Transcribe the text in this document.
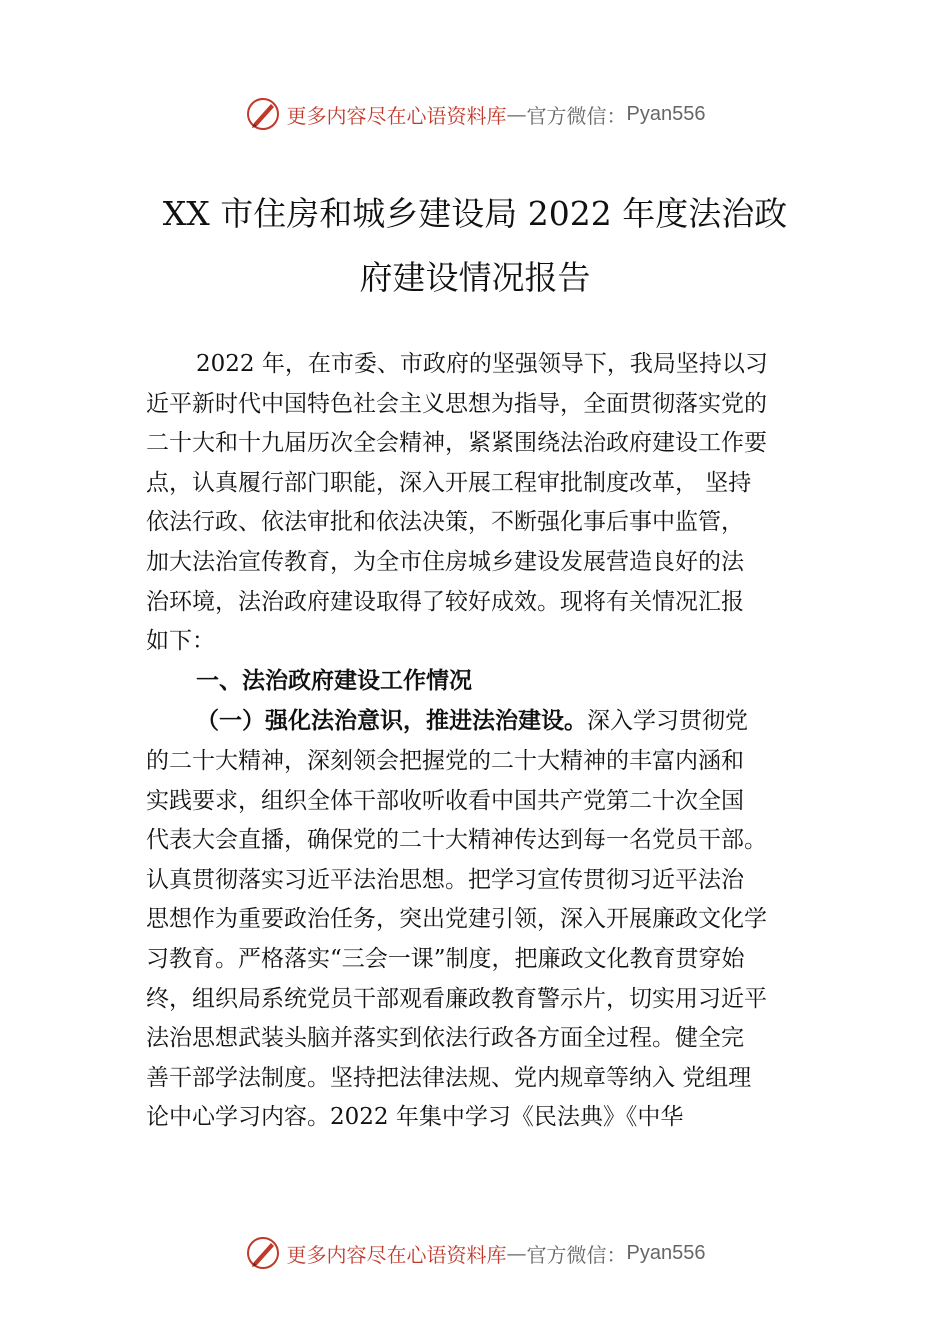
更多内容尽在心语资料库 — 官方微信： Pyan556
XX 市住房和城乡建设局 2022 年度法治政
府建设情况报告

2022 年，在市委、市政府的坚强领导下，我局坚持以习
近平新时代中国特色社会主义思想为指导，全面贯彻落实党的
二十大和十九届历次全会精神，紧紧围绕法治政府建设工作要
点，认真履行部门职能，深入开展工程审批制度改革， 坚持
依法行政、依法审批和依法决策，不断强化事后事中监管，
加大法治宣传教育，为全市住房城乡建设发展营造良好的法
治环境，法治政府建设取得了较好成效。现将有关情况汇报
如下：

一、法治政府建设工作情况

（一）强化法治意识，推进法治建设。深入学习贯彻党
的二十大精神，深刻领会把握党的二十大精神的丰富内涵和
实践要求，组织全体干部收听收看中国共产党第二十次全国
代表大会直播，确保党的二十大精神传达到每一名党员干部。
认真贯彻落实习近平法治思想。把学习宣传贯彻习近平法治
思想作为重要政治任务，突出党建引领，深入开展廉政文化学
习教育。严格落实“三会一课”制度，把廉政文化教育贯穿始
终，组织局系统党员干部观看廉政教育警示片，切实用习近平
法治思想武装头脑并落实到依法行政各方面全过程。健全完
善干部学法制度。坚持把法律法规、党内规章等纳入 党组理
论中心学习内容。2022 年集中学习《民法典》《中华

更多内容尽在心语资料库 — 官方微信： Pyan556
